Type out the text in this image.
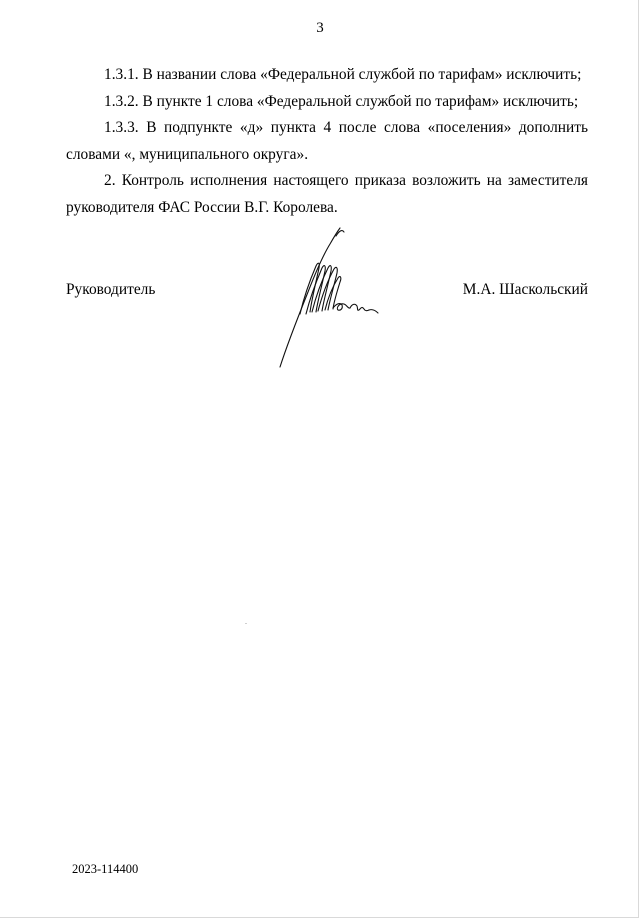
3

1.3.1. В названии слова «Федеральной службой по тарифам» исключить;

1.3.2. В пункте 1 слова «Федеральной службой по тарифам» исключить;

1.3.3. В подпункте «д» пункта 4 после слова «поселения» дополнить словами «, муниципального округа».

2. Контроль исполнения настоящего приказа возложить на заместителя руководителя ФАС России В.Г. Королева.

Руководитель	М.А. Шаскольский
2023-114400
